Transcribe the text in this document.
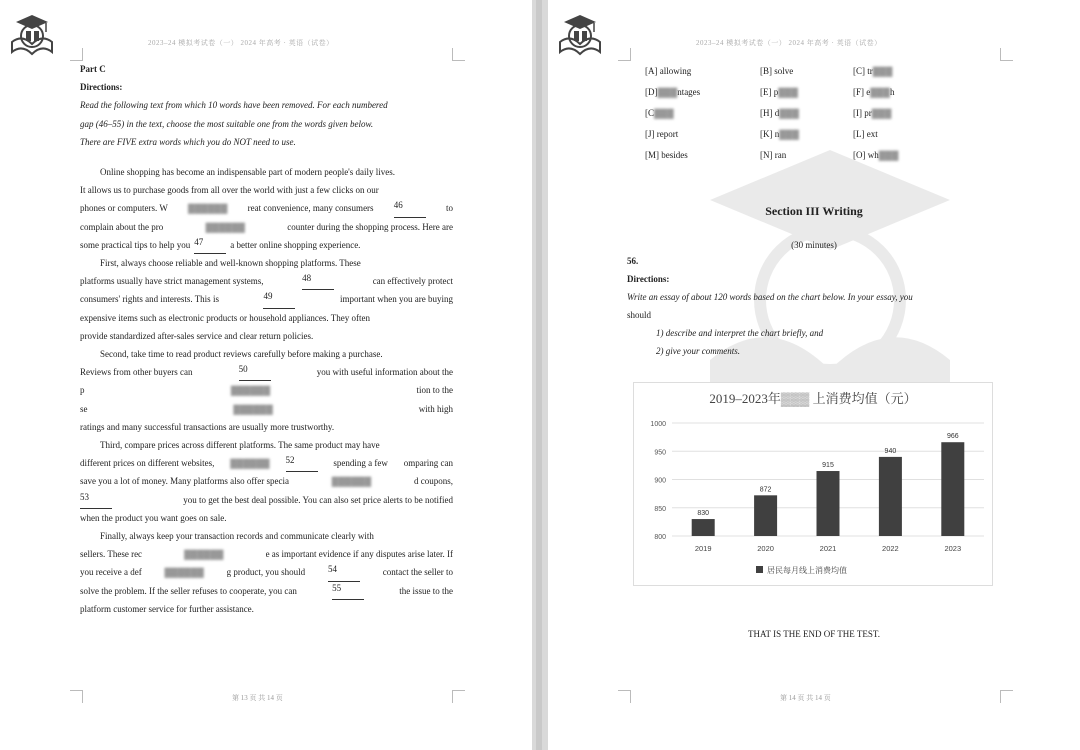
2023–24 模拟考试卷（一） 2024 年高考 · 英语（试卷）
Part C
Directions:
Read the following text from which 10 words have been removed. For each numbered
gap (46–55) in the text, choose the most suitable one from the words given below.
There are FIVE extra words which you do NOT need to use.
Online shopping has become an indispensable part of modern people's daily lives.
It allows us to purchase goods from all over the world with just a few clicks on our
phones or computers. W ▓▓▓▓▓▓ reat convenience, many consumers 46	to
complain about the pro	▓▓▓▓▓▓	counter during the shopping process. Here are
some practical tips to help you 47	a better online shopping experience.
First, always choose reliable and well-known shopping platforms. These
platforms usually have strict management systems,	48	can effectively protect
consumers' rights and interests. This is	49	important when you are buying
expensive items such as electronic products or household appliances. They often
provide standardized after-sales service and clear return policies.
Second, take time to read product reviews carefully before making a purchase.
Reviews from other buyers can	50	you with useful information about the
p	▓▓▓▓▓▓	tion to the
se	▓▓▓▓▓▓	with high
ratings and many successful transactions are usually more trustworthy.
Third, compare prices across different platforms. The same product may have
different prices on different websites, ▓▓▓▓▓▓ 52	spending a few omparing can
save you a lot of money. Many platforms also offer specia	▓▓▓▓▓▓	d coupons,
53	you to get the best deal possible. You can also set price alerts to be notified
when the product you want goes on sale.
Finally, always keep your transaction records and communicate clearly with
sellers. These rec	▓▓▓▓▓▓	e as important evidence if any disputes arise later. If
you receive a def	▓▓▓▓▓▓	g product, you should	54	contact the seller to
solve the problem. If the seller refuses to cooperate, you can	55	the issue to the
platform customer service for further assistance.
第 13 页 共 14 页
2023–24 模拟考试卷（一） 2024 年高考 · 英语（试卷）
第 14 页 共 14 页
[A] allowing	[B] solve	[C] tr▓▓▓
[D]▓▓▓ntages	[E] p▓▓▓	[F] e▓▓▓h
[C▓▓▓	[H] d▓▓▓	[I] pr▓▓▓
[J] report	[K] n▓▓▓	[L] ext
[M] besides	[N] ran	[O] wh▓▓▓
Section III Writing
(30 minutes)
56.
Directions:
Write an essay of about 120 words based on the chart below. In your essay, you
should
1) describe and interpret the chart briefly, and
2) give your comments.
2019–2023年▓▓▓ 上消费均值（元）
800
850
900
950
1000
830
2019
872
2020
915
2021
940
2022
966
2023
居民每月线上消费均值
THAT IS THE END OF THE TEST.
